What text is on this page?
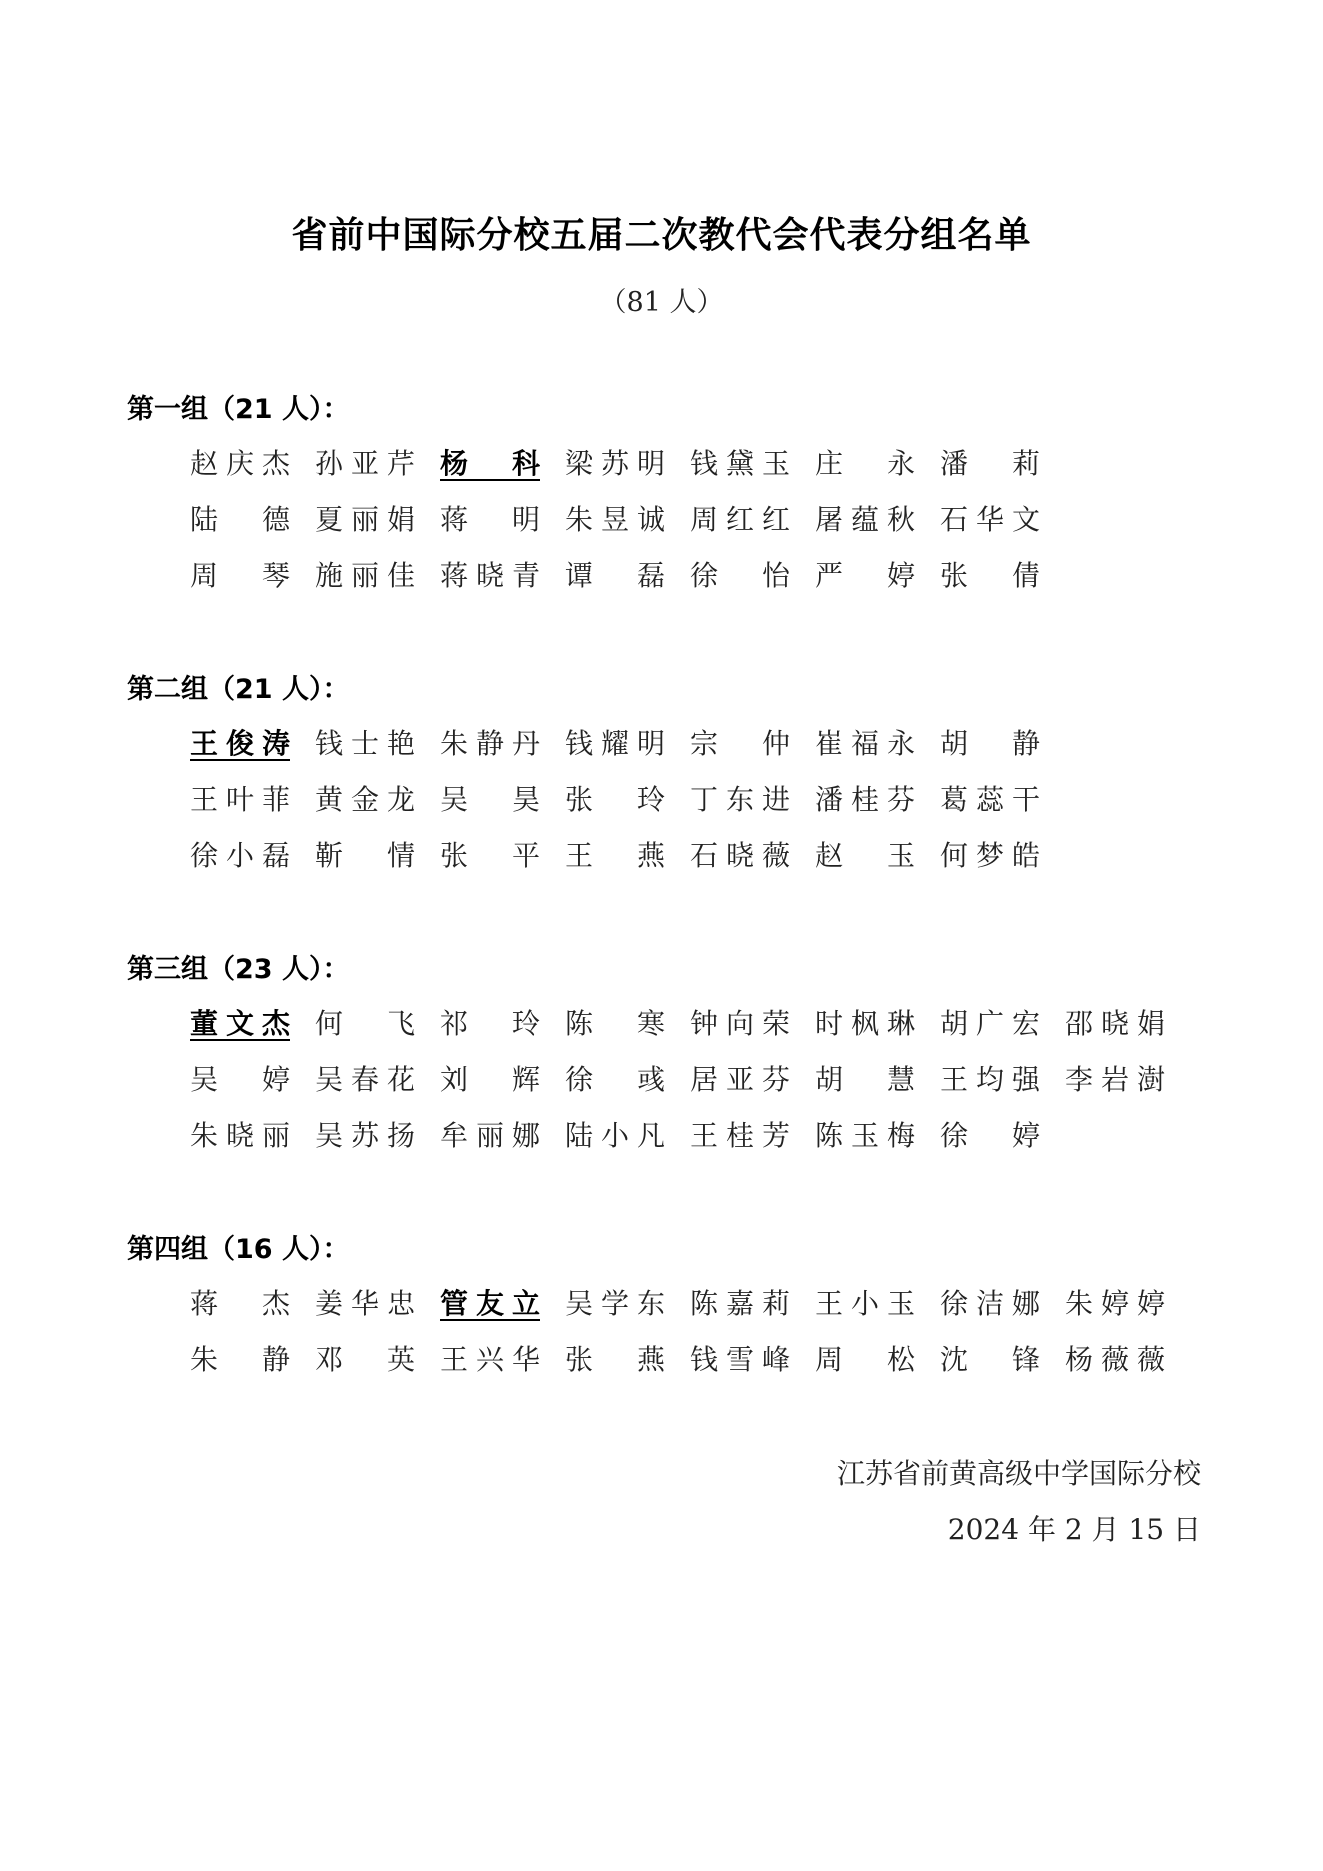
省前中国际分校五届二次教代会代表分组名单
（81 人）
第一组（21 人）：
赵庆杰 孙亚芹 杨　科 梁苏明 钱黛玉 庄　永 潘　莉
陆　德 夏丽娟 蒋　明 朱昱诚 周红红 屠蕴秋 石华文
周　琴 施丽佳 蒋晓青 谭　磊 徐　怡 严　婷 张　倩
第二组（21 人）：
王俊涛 钱士艳 朱静丹 钱耀明 宗　仲 崔福永 胡　静
王叶菲 黄金龙 吴　昊 张　玲 丁东进 潘桂芬 葛蕊干
徐小磊 靳　情 张　平 王　燕 石晓薇 赵　玉 何梦皓
第三组（23 人）：
董文杰 何　飞 祁　玲 陈　寒 钟向荣 时枫琳 胡广宏 邵晓娟
吴　婷 吴春花 刘　辉 徐　彧 居亚芬 胡　慧 王均强 李岩澍
朱晓丽 吴苏扬 牟丽娜 陆小凡 王桂芳 陈玉梅 徐　婷
第四组（16 人）：
蒋　杰 姜华忠 管友立 吴学东 陈嘉莉 王小玉 徐洁娜 朱婷婷
朱　静 邓　英 王兴华 张　燕 钱雪峰 周　松 沈　锋 杨薇薇
江苏省前黄高级中学国际分校
2024 年 2 月 15 日
